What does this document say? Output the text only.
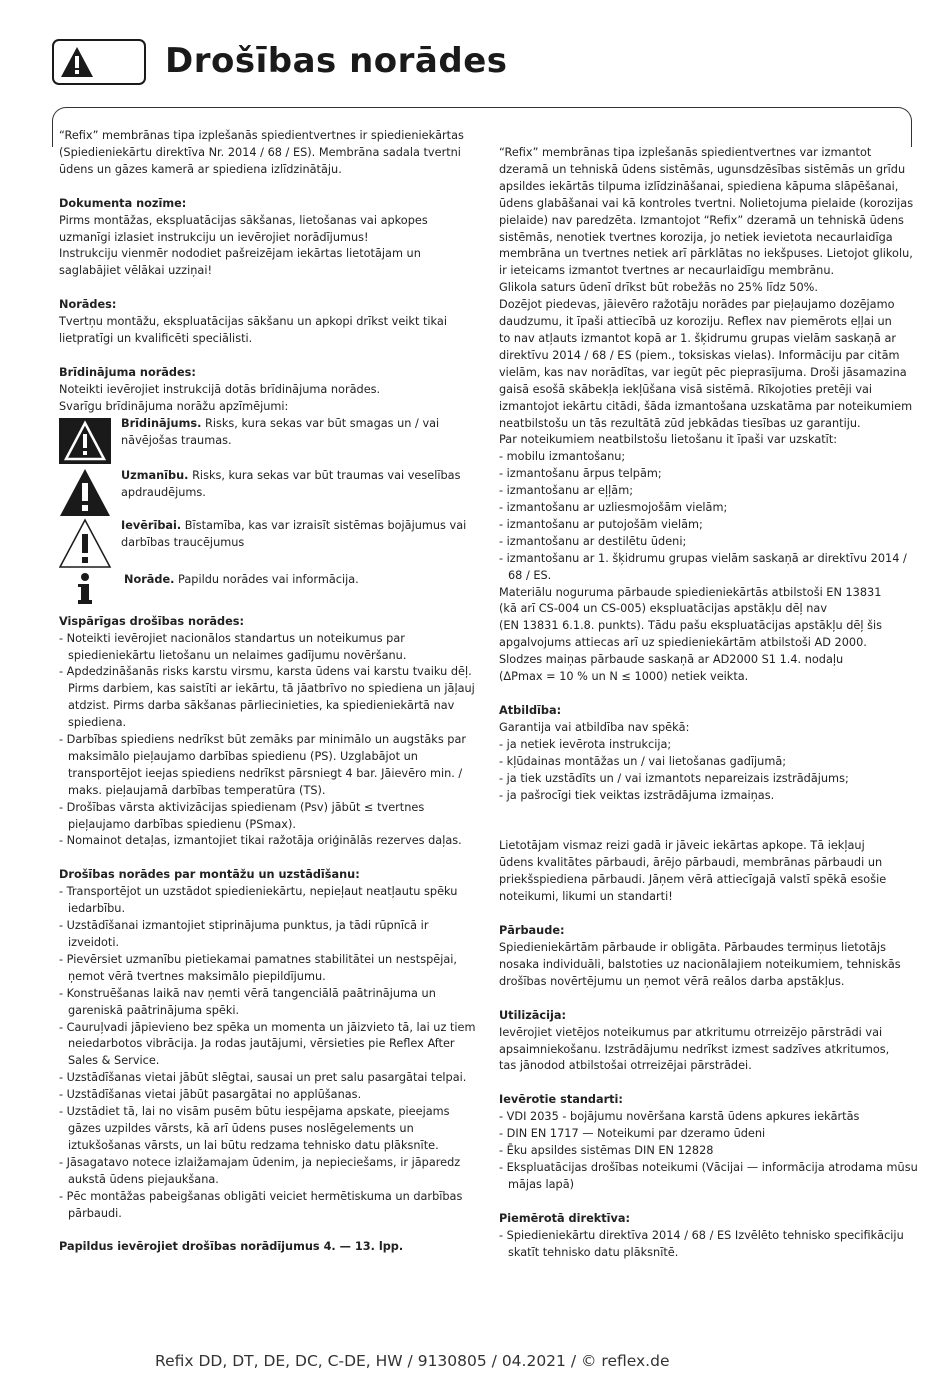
Drošības norādes

“Refix” membrānas tipa izplešanās spiedientvertnes ir spiedieniekārtas

(Spiedieniekārtu direktīva Nr. 2014 / 68 / ES). Membrāna sadala tvertni

ūdens un gāzes kamerā ar spiediena izlīdzinātāju.

Dokumenta nozīme:

Pirms montāžas, ekspluatācijas sākšanas, lietošanas vai apkopes

uzmanīgi izlasiet instrukciju un ievērojiet norādījumus!

Instrukciju vienmēr nododiet pašreizējam iekārtas lietotājam un

saglabājiet vēlākai uzziņai!

Norādes:

Tvertņu montāžu, ekspluatācijas sākšanu un apkopi drīkst veikt tikai

lietpratīgi un kvalificēti speciālisti.

Brīdinājuma norādes:

Noteikti ievērojiet instrukcijā dotās brīdinājuma norādes.

Svarīgu brīdinājuma norāžu apzīmējumi:

Brīdinājums. Risks, kura sekas var būt smagas un / vai nāvējošas traumas.
Uzmanību. Risks, kura sekas var būt traumas vai veselības apdraudējums.
Ievērībai. Bīstamība, kas var izraisīt sistēmas bojājumus vai darbības traucējumus
Norāde. Papildu norādes vai informācija.

Vispārīgas drošības norādes:

- Noteikti ievērojiet nacionālos standartus un noteikumus par spiedieniekārtu lietošanu un nelaimes gadījumu novēršanu.
- Apdedzināšanās risks karstu virsmu, karsta ūdens vai karstu tvaiku dēļ. Pirms darbiem, kas saistīti ar iekārtu, tā jāatbrīvo no spiediena un jāļauj atdzist. Pirms darba sākšanas pārliecinieties, ka spiedieniekārtā nav spiediena.
- Darbības spiediens nedrīkst būt zemāks par minimālo un augstāks par maksimālo pieļaujamo darbības spiedienu (PS). Uzglabājot un transportējot ieejas spiediens nedrīkst pārsniegt 4 bar. Jāievēro min. / maks. pieļaujamā darbības temperatūra (TS).
- Drošības vārsta aktivizācijas spiedienam (Psv) jābūt ≤ tvertnes pieļaujamo darbības spiedienu (PSmax).
- Nomainot detaļas, izmantojiet tikai ražotāja oriģinālās rezerves daļas.

Drošības norādes par montāžu un uzstādīšanu:

- Transportējot un uzstādot spiedieniekārtu, nepieļaut neatļautu spēku iedarbību.
- Uzstādīšanai izmantojiet stiprinājuma punktus, ja tādi rūpnīcā ir izveidoti.
- Pievērsiet uzmanību pietiekamai pamatnes stabilitātei un nestspējai, ņemot vērā tvertnes maksimālo piepildījumu.
- Konstruēšanas laikā nav ņemti vērā tangenciālā paātrinājuma un gareniskā paātrinājuma spēki.
- Cauruļvadi jāpievieno bez spēka un momenta un jāizvieto tā, lai uz tiem neiedarbotos vibrācija. Ja rodas jautājumi, vērsieties pie Reflex After Sales & Service.
- Uzstādīšanas vietai jābūt slēgtai, sausai un pret salu pasargātai telpai.
- Uzstādīšanas vietai jābūt pasargātai no applūšanas.
- Uzstādiet tā, lai no visām pusēm būtu iespējama apskate, pieejams gāzes uzpildes vārsts, kā arī ūdens puses noslēgelements un iztukšošanas vārsts, un lai būtu redzama tehnisko datu plāksnīte.
- Jāsagatavo notece izlaižamajam ūdenim, ja nepieciešams, ir jāparedz aukstā ūdens piejaukšana.
- Pēc montāžas pabeigšanas obligāti veiciet hermētiskuma un darbības pārbaudi.

Papildus ievērojiet drošības norādījumus 4. — 13. lpp.

“Refix” membrānas tipa izplešanās spiedientvertnes var izmantot

dzeramā un tehniskā ūdens sistēmās, ugunsdzēsības sistēmās un grīdu

apsildes iekārtās tilpuma izlīdzināšanai, spiediena kāpuma slāpēšanai,

ūdens glabāšanai vai kā kontroles tvertni. Nolietojuma pielaide (korozijas

pielaide) nav paredzēta. Izmantojot “Refix” dzeramā un tehniskā ūdens

sistēmās, nenotiek tvertnes korozija, jo netiek ievietota necaurlaidīga

membrāna un tvertnes netiek arī pārklātas no iekšpuses. Lietojot glikolu,

ir ieteicams izmantot tvertnes ar necaurlaidīgu membrānu.

Glikola saturs ūdenī drīkst būt robežās no 25% līdz 50%.

Dozējot piedevas, jāievēro ražotāju norādes par pieļaujamo dozējamo

daudzumu, it īpaši attiecībā uz koroziju. Reflex nav piemērots eļļai un

to nav atļauts izmantot kopā ar 1. šķidrumu grupas vielām saskaņā ar

direktīvu 2014 / 68 / ES (piem., toksiskas vielas). Informāciju par citām

vielām, kas nav norādītas, var iegūt pēc pieprasījuma. Droši jāsamazina

gaisā esošā skābekļa iekļūšana visā sistēmā. Rīkojoties pretēji vai

izmantojot iekārtu citādi, šāda izmantošana uzskatāma par noteikumiem

neatbilstošu un tās rezultātā zūd jebkādas tiesības uz garantiju.

Par noteikumiem neatbilstošu lietošanu it īpaši var uzskatīt:

- mobilu izmantošanu;
- izmantošanu ārpus telpām;
- izmantošanu ar eļļām;
- izmantošanu ar uzliesmojošām vielām;
- izmantošanu ar putojošām vielām;
- izmantošanu ar destilētu ūdeni;
- izmantošanu ar 1. šķidrumu grupas vielām saskaņā ar direktīvu 2014 / 68 / ES.

Materiālu noguruma pārbaude spiedieniekārtās atbilstoši EN 13831

(kā arī CS-004 un CS-005) ekspluatācijas apstākļu dēļ nav

(EN 13831 6.1.8. punkts). Tādu pašu ekspluatācijas apstākļu dēļ šis

apgalvojums attiecas arī uz spiedieniekārtām atbilstoši AD 2000.

Slodzes maiņas pārbaude saskaņā ar AD2000 S1 1.4. nodaļu

(ΔPmax = 10 % un N ≤ 1000) netiek veikta.

Atbildība:

Garantija vai atbildība nav spēkā:

- ja netiek ievērota instrukcija;
- kļūdainas montāžas un / vai lietošanas gadījumā;
- ja tiek uzstādīts un / vai izmantots nepareizais izstrādājums;
- ja pašrocīgi tiek veiktas izstrādājuma izmaiņas.

Lietotājam vismaz reizi gadā ir jāveic iekārtas apkope. Tā iekļauj

ūdens kvalitātes pārbaudi, ārējo pārbaudi, membrānas pārbaudi un

priekšspiediena pārbaudi. Jāņem vērā attiecīgajā valstī spēkā esošie

noteikumi, likumi un standarti!

Pārbaude:

Spiedieniekārtām pārbaude ir obligāta. Pārbaudes termiņus lietotājs

nosaka individuāli, balstoties uz nacionālajiem noteikumiem, tehniskās

drošības novērtējumu un ņemot vērā reālos darba apstākļus.

Utilizācija:

Ievērojiet vietējos noteikumus par atkritumu otrreizējo pārstrādi vai

apsaimniekošanu. Izstrādājumu nedrīkst izmest sadzīves atkritumos,

tas jānodod atbilstošai otrreizējai pārstrādei.

Ievērotie standarti:

- VDI 2035 - bojājumu novēršana karstā ūdens apkures iekārtās
- DIN EN 1717 — Noteikumi par dzeramo ūdeni
- Ēku apsildes sistēmas DIN EN 12828
- Ekspluatācijas drošības noteikumi (Vācijai — informācija atrodama mūsu mājas lapā)

Piemērotā direktīva:

- Spiedieniekārtu direktīva 2014 / 68 / ES Izvēlēto tehnisko specifikāciju skatīt tehnisko datu plāksnītē.
Refix DD, DT, DE, DC, C-DE, HW / 9130805 / 04.2021 / © reflex.de
